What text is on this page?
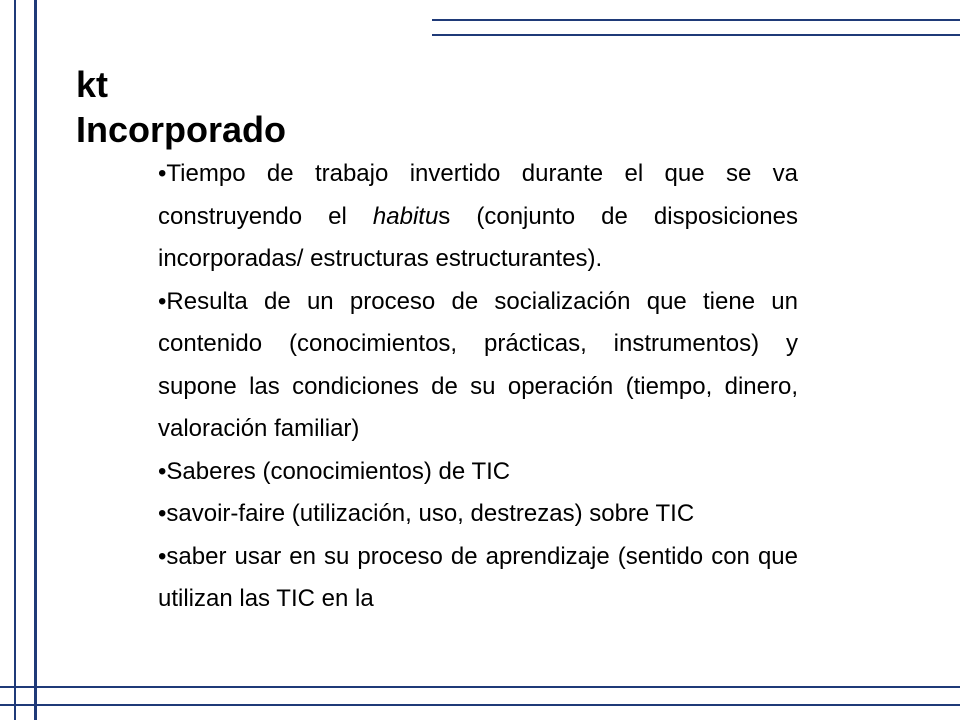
kt
Incorporado

•Tiempo de trabajo invertido durante el que se va construyendo el habitus (conjunto de disposiciones incorporadas/ estructuras estructurantes).

•Resulta de un proceso de socialización que tiene un contenido (conocimientos, prácticas, instrumentos) y supone las condiciones de su operación (tiempo, dinero, valoración familiar)

•Saberes (conocimientos) de TIC

•savoir-faire (utilización, uso, destrezas) sobre TIC

•saber usar en su proceso de aprendizaje (sentido con que utilizan las TIC en la
